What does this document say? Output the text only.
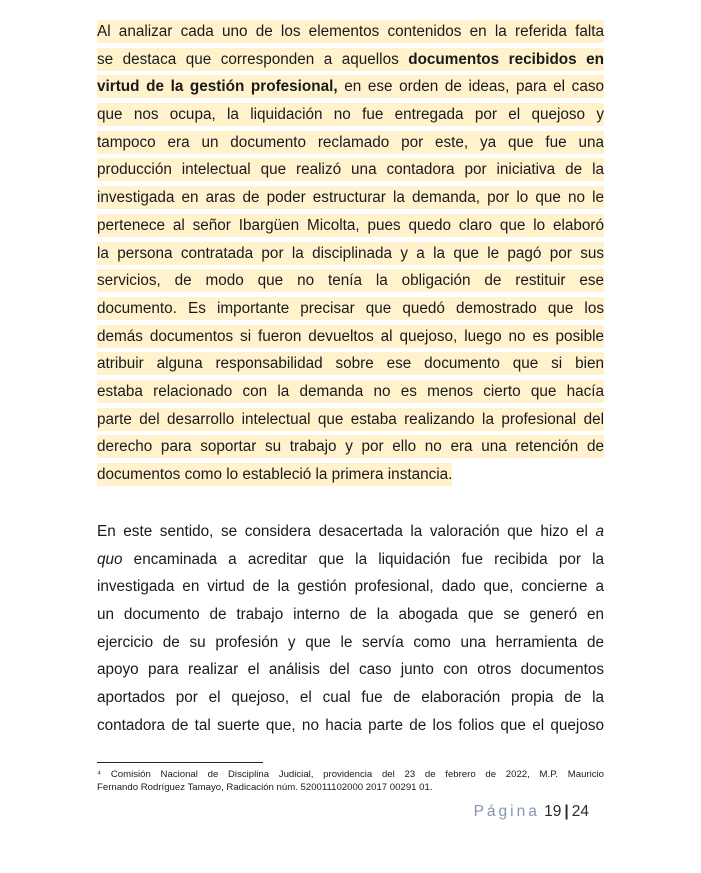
Al analizar cada uno de los elementos contenidos en la referida falta
se destaca que corresponden a aquellos documentos recibidos en
virtud de la gestión profesional, en ese orden de ideas, para el caso
que nos ocupa, la liquidación no fue entregada por el quejoso y
tampoco era un documento reclamado por este, ya que fue una
producción intelectual que realizó una contadora por iniciativa de la
investigada en aras de poder estructurar la demanda, por lo que no le
pertenece al señor Ibargüen Micolta, pues quedo claro que lo elaboró
la persona contratada por la disciplinada y a la que le pagó por sus
servicios, de modo que no tenía la obligación de restituir ese
documento. Es importante precisar que quedó demostrado que los
demás documentos si fueron devueltos al quejoso, luego no es posible
atribuir alguna responsabilidad sobre ese documento que si bien
estaba relacionado con la demanda no es menos cierto que hacía
parte del desarrollo intelectual que estaba realizando la profesional del
derecho para soportar su trabajo y por ello no era una retención de
documentos como lo estableció la primera instancia.
En este sentido, se considera desacertada la valoración que hizo el a
quo encaminada a acreditar que la liquidación fue recibida por la
investigada en virtud de la gestión profesional, dado que, concierne a
un documento de trabajo interno de la abogada que se generó en
ejercicio de su profesión y que le servía como una herramienta de
apoyo para realizar el análisis del caso junto con otros documentos
aportados por el quejoso, el cual fue de elaboración propia de la
contadora de tal suerte que, no hacia parte de los folios que el quejoso
⁴ Comisión Nacional de Disciplina Judicial, providencia del 23 de febrero de 2022, M.P. Mauricio
Fernando Rodríguez Tamayo, Radicación núm. 520011102000 2017 00291 01.
Página 19 | 24
